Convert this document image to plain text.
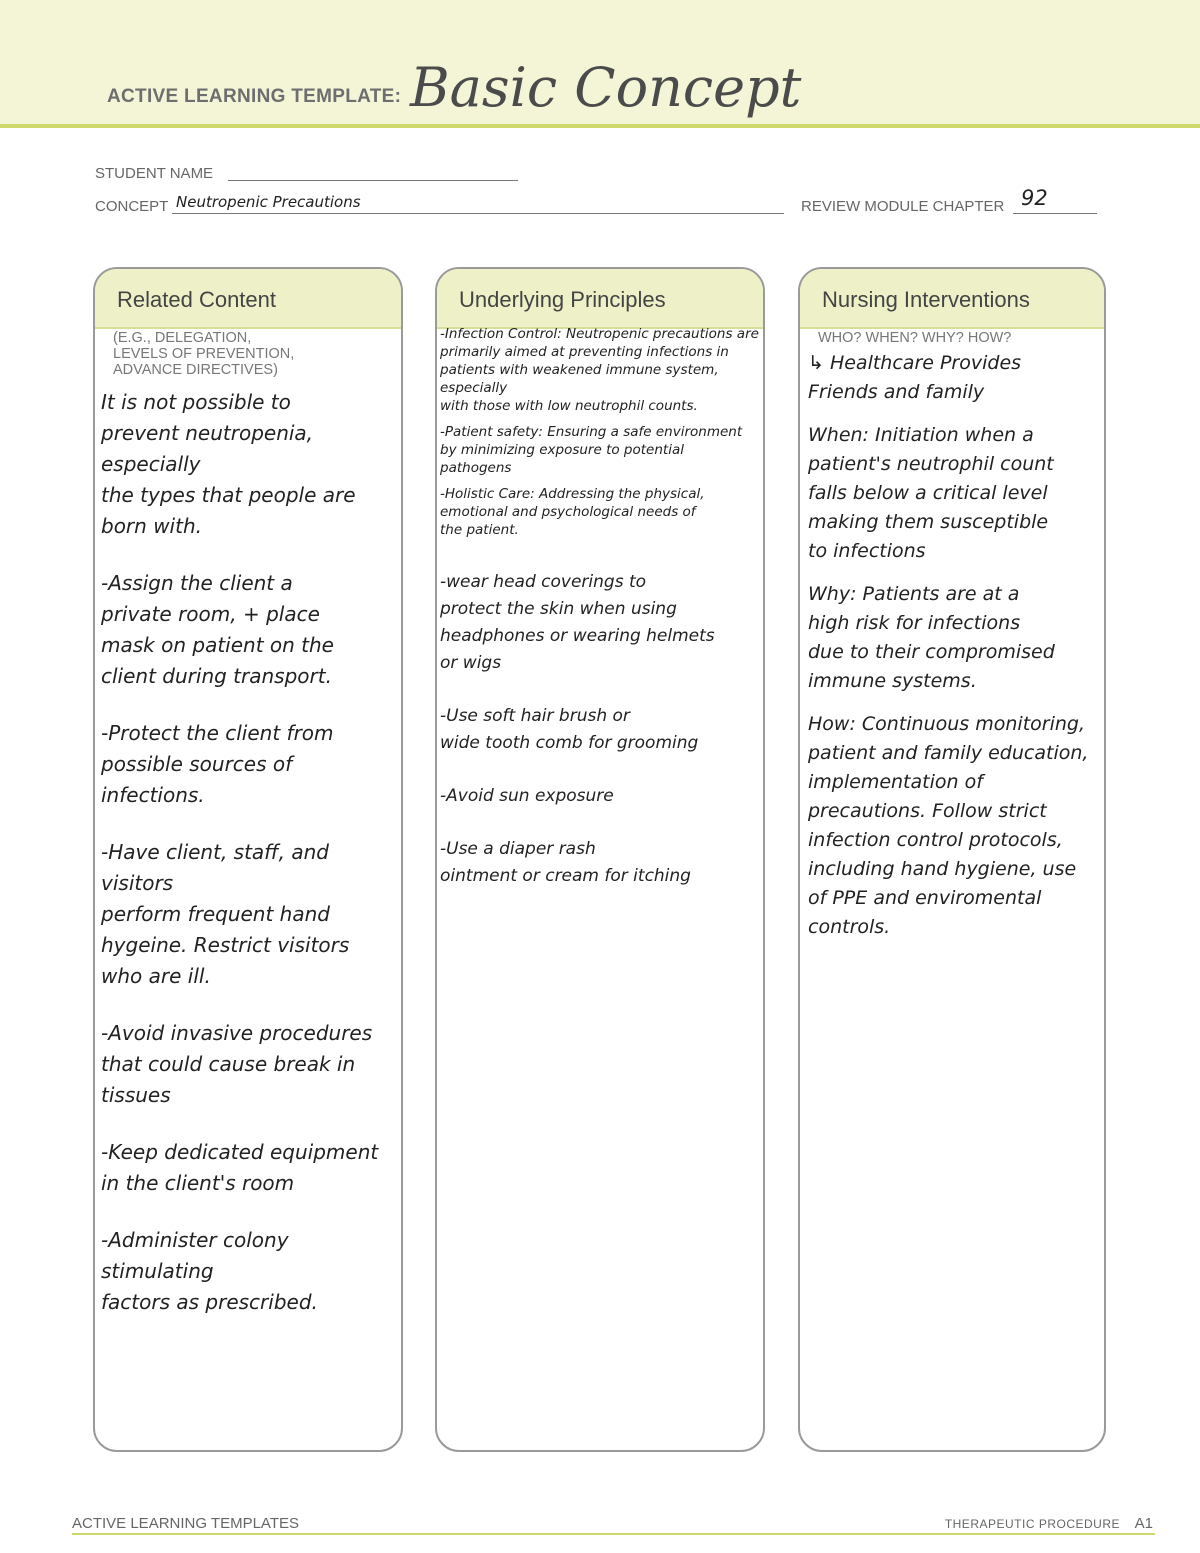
ACTIVE LEARNING TEMPLATE: Basic Concept
STUDENT NAME
CONCEPT Neutropenic Precautions	REVIEW MODULE CHAPTER 92
Related Content
(E.G., DELEGATION,
LEVELS OF PREVENTION,
ADVANCE DIRECTIVES)
It is not possible to
prevent neutropenia, especially
the types that people are
born with.
-Assign the client a
private room, + place
mask on patient on the
client during transport.
-Protect the client from
possible sources of infections.
-Have client, staff, and visitors
perform frequent hand
hygeine. Restrict visitors
who are ill.
-Avoid invasive procedures
that could cause break in
tissues
-Keep dedicated equipment
in the client's room
-Administer colony stimulating
factors as prescribed.
Underlying Principles
-Infection Control: Neutropenic precautions are
primarily aimed at preventing infections in
patients with weakened immune system, especially
with those with low neutrophil counts.
-Patient safety: Ensuring a safe environment
by minimizing exposure to potential
pathogens
-Holistic Care: Addressing the physical,
emotional and psychological needs of
the patient.
-wear head coverings to
protect the skin when using
headphones or wearing helmets
or wigs
-Use soft hair brush or
wide tooth comb for grooming
-Avoid sun exposure
-Use a diaper rash
ointment or cream for itching
Nursing Interventions
WHO? WHEN? WHY? HOW?
↳ Healthcare Provides
Friends and family
When: Initiation when a
patient's neutrophil count
falls below a critical level
making them susceptible
to infections
Why: Patients are at a
high risk for infections
due to their compromised
immune systems.
How: Continuous monitoring,
patient and family education,
implementation of
precautions. Follow strict
infection control protocols,
including hand hygiene, use
of PPE and enviromental
controls.
ACTIVE LEARNING TEMPLATES	THERAPEUTIC PROCEDURE A1
